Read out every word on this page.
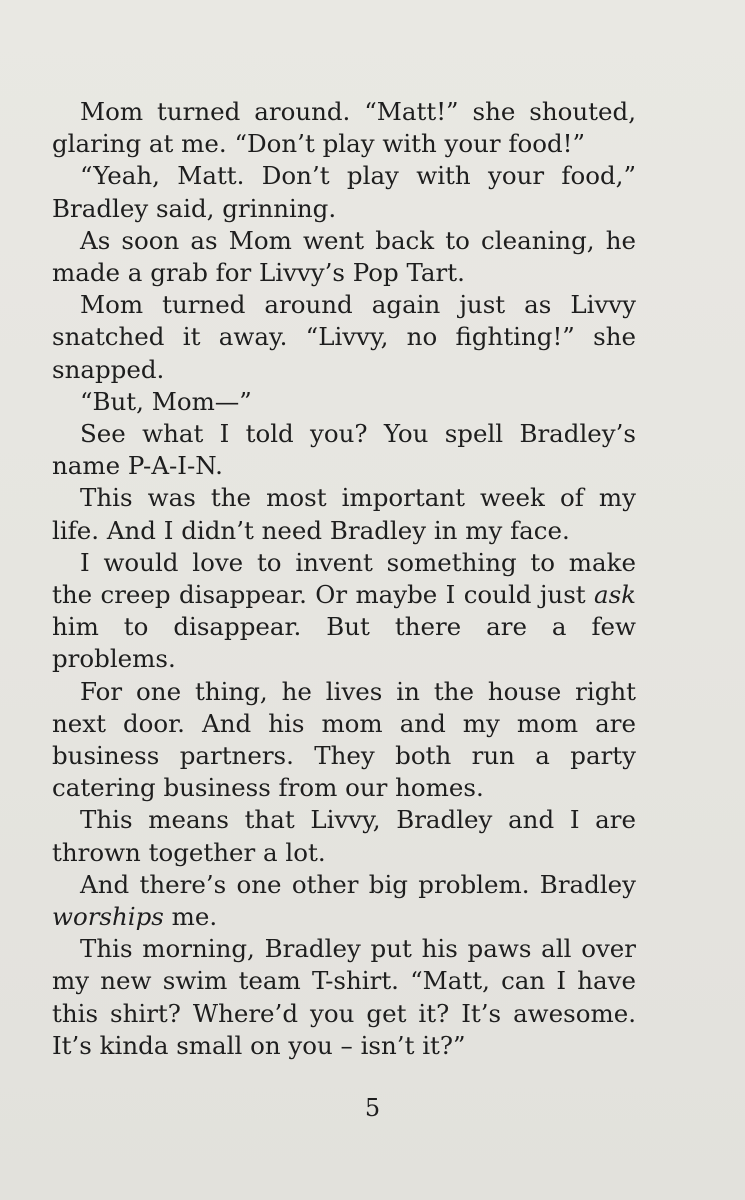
Mom turned around. “Matt!” she shouted, glaring at me. “Don’t play with your food!”

“Yeah, Matt. Don’t play with your food,” Bradley said, grinning.

As soon as Mom went back to cleaning, he made a grab for Livvy’s Pop Tart.

Mom turned around again just as Livvy snatched it away. “Livvy, no fighting!” she snapped.

“But, Mom—”

See what I told you? You spell Bradley’s name P-A-I-N.

This was the most important week of my life. And I didn’t need Bradley in my face.

I would love to invent something to make the creep disappear. Or maybe I could just ask him to disappear. But there are a few problems.

For one thing, he lives in the house right next door. And his mom and my mom are business partners. They both run a party catering business from our homes.

This means that Livvy, Bradley and I are thrown together a lot.

And there’s one other big problem. Bradley worships me.

This morning, Bradley put his paws all over my new swim team T-shirt. “Matt, can I have this shirt? Where’d you get it? It’s awesome. It’s kinda small on you – isn’t it?”

5
